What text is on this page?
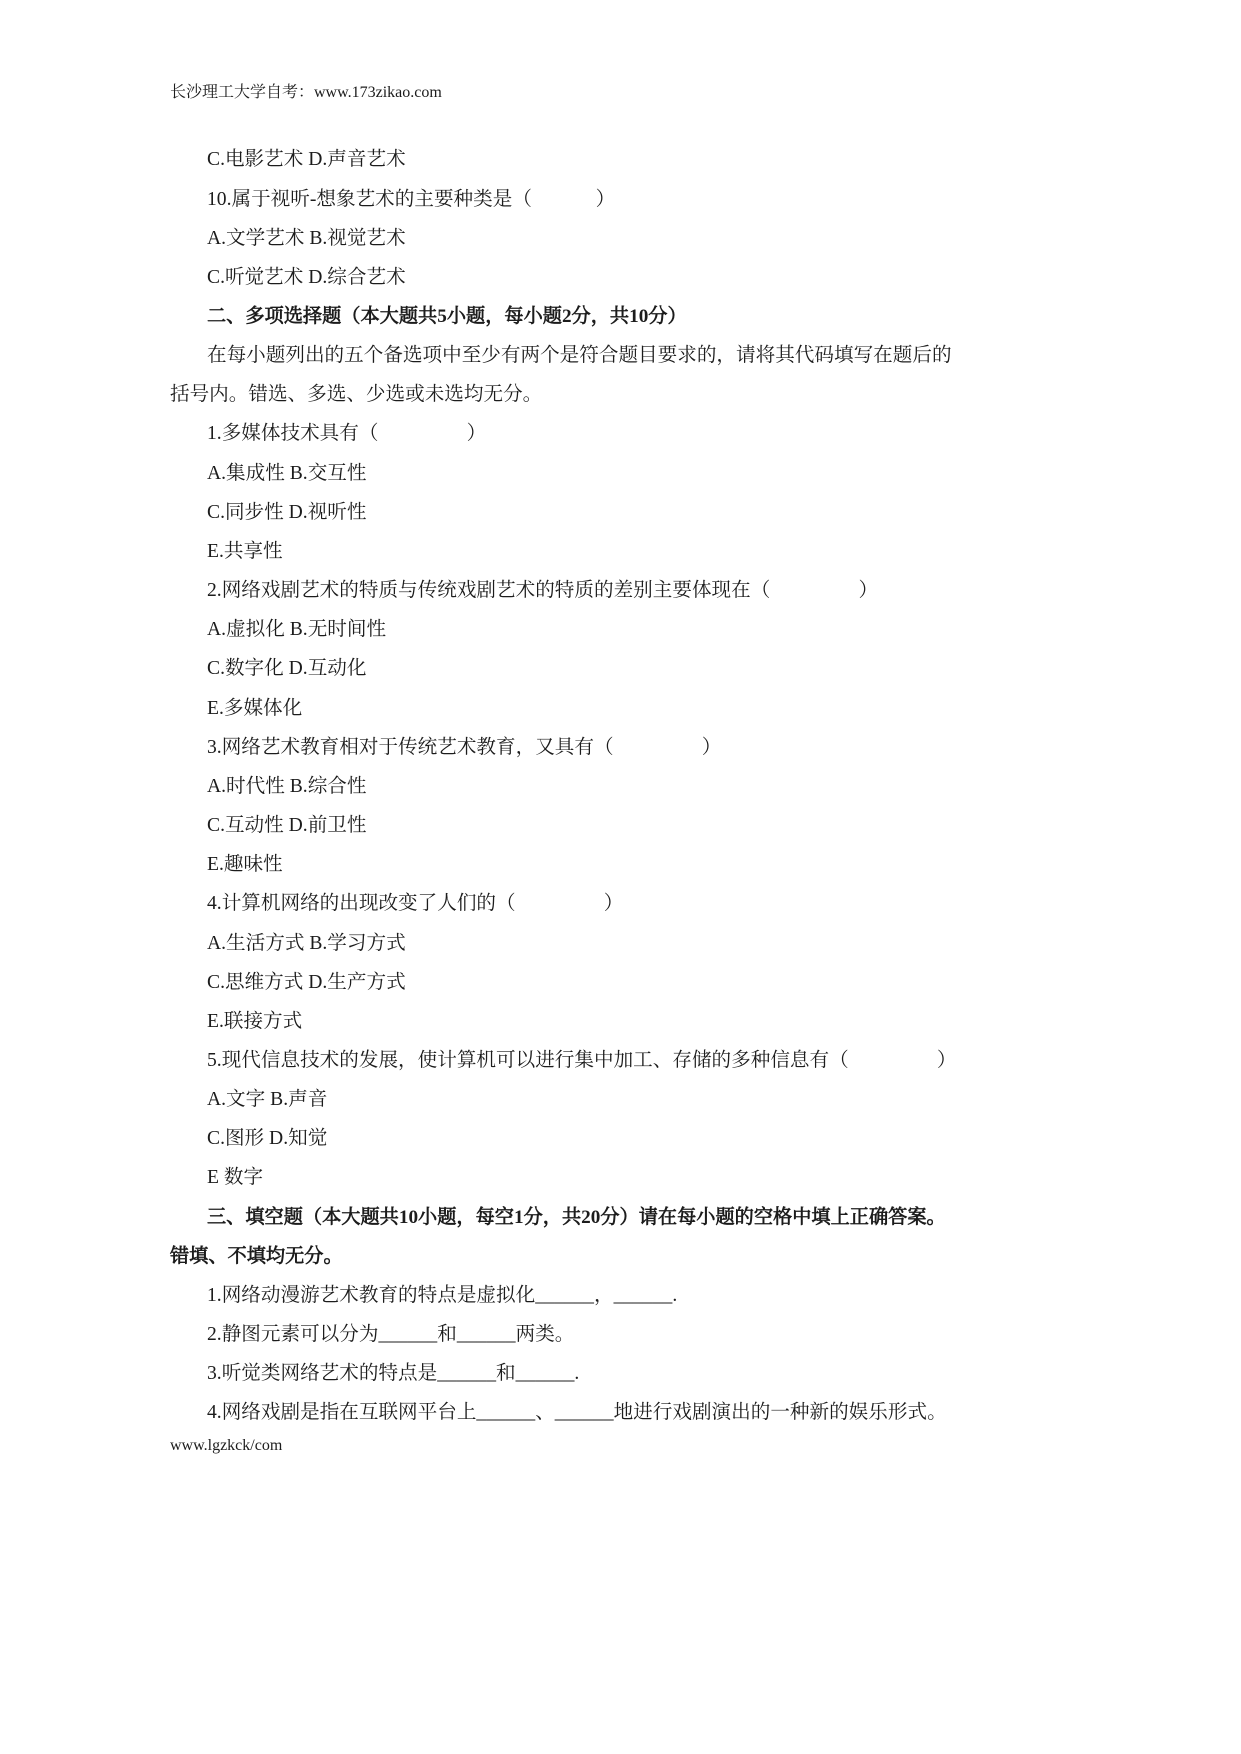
长沙理工大学自考：www.173zikao.com
C.电影艺术 D.声音艺术
10.属于视听-想象艺术的主要种类是（             ）
A.文学艺术 B.视觉艺术
C.听觉艺术 D.综合艺术
二、多项选择题（本大题共5小题，每小题2分，共10分）
在每小题列出的五个备选项中至少有两个是符合题目要求的，请将其代码填写在题后的
括号内。错选、多选、少选或未选均无分。
1.多媒体技术具有（                  ）
A.集成性 B.交互性
C.同步性 D.视听性
E.共享性
2.网络戏剧艺术的特质与传统戏剧艺术的特质的差别主要体现在（                  ）
A.虚拟化 B.无时间性
C.数字化 D.互动化
E.多媒体化
3.网络艺术教育相对于传统艺术教育，又具有（                  ）
A.时代性 B.综合性
C.互动性 D.前卫性
E.趣味性
4.计算机网络的出现改变了人们的（                  ）
A.生活方式 B.学习方式
C.思维方式 D.生产方式
E.联接方式
5.现代信息技术的发展，使计算机可以进行集中加工、存储的多种信息有（                  ）
A.文字 B.声音
C.图形 D.知觉
E 数字
三、填空题（本大题共10小题，每空1分，共20分）请在每小题的空格中填上正确答案。
错填、不填均无分。
1.网络动漫游艺术教育的特点是虚拟化______，______.
2.静图元素可以分为______和______两类。
3.听觉类网络艺术的特点是______和______.
4.网络戏剧是指在互联网平台上______、______地进行戏剧演出的一种新的娱乐形式。
www.lgzkck/com
